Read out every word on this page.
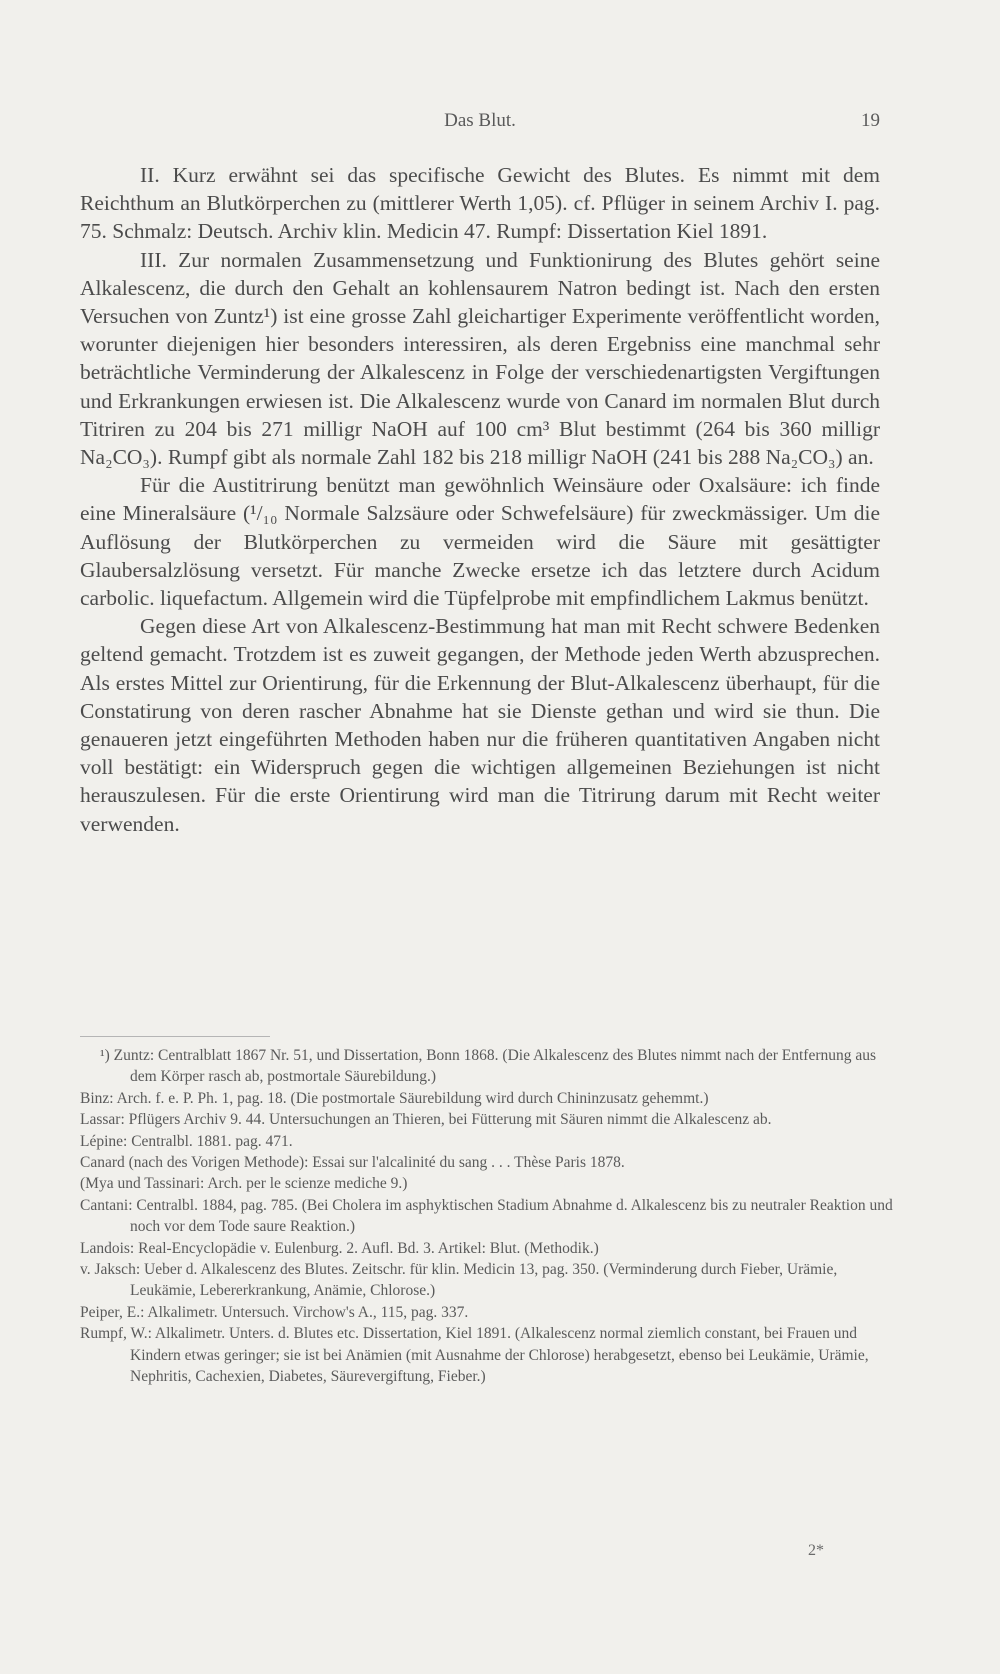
Das Blut.	19

II. Kurz erwähnt sei das specifische Gewicht des Blutes. Es nimmt mit dem Reichthum an Blutkörperchen zu (mittlerer Werth 1,05). cf. Pflüger in seinem Archiv I. pag. 75. Schmalz: Deutsch. Archiv klin. Medicin 47. Rumpf: Dissertation Kiel 1891.

III. Zur normalen Zusammensetzung und Funktionirung des Blutes gehört seine Alkalescenz, die durch den Gehalt an kohlensaurem Natron bedingt ist. Nach den ersten Versuchen von Zuntz¹) ist eine grosse Zahl gleichartiger Experimente veröffentlicht worden, worunter diejenigen hier besonders interessiren, als deren Ergebniss eine manchmal sehr beträchtliche Verminderung der Alkalescenz in Folge der verschiedenartigsten Vergiftungen und Erkrankungen erwiesen ist. Die Alkalescenz wurde von Canard im normalen Blut durch Titriren zu 204 bis 271 milligr NaOH auf 100 cm³ Blut bestimmt (264 bis 360 milligr Na₂CO₃). Rumpf gibt als normale Zahl 182 bis 218 milligr NaOH (241 bis 288 Na₂CO₃) an.

Für die Austitrirung benützt man gewöhnlich Weinsäure oder Oxalsäure: ich finde eine Mineralsäure (¹/₁₀ Normale Salzsäure oder Schwefelsäure) für zweckmässiger. Um die Auflösung der Blutkörperchen zu vermeiden wird die Säure mit gesättigter Glaubersalzlösung versetzt. Für manche Zwecke ersetze ich das letztere durch Acidum carbolic. liquefactum. Allgemein wird die Tüpfelprobe mit empfindlichem Lakmus benützt.

Gegen diese Art von Alkalescenz-Bestimmung hat man mit Recht schwere Bedenken geltend gemacht. Trotzdem ist es zuweit gegangen, der Methode jeden Werth abzusprechen. Als erstes Mittel zur Orientirung, für die Erkennung der Blut-Alkalescenz überhaupt, für die Constatirung von deren rascher Abnahme hat sie Dienste gethan und wird sie thun. Die genaueren jetzt eingeführten Methoden haben nur die früheren quantitativen Angaben nicht voll bestätigt: ein Widerspruch gegen die wichtigen allgemeinen Beziehungen ist nicht herauszulesen. Für die erste Orientirung wird man die Titrirung darum mit Recht weiter verwenden.

¹) Zuntz: Centralblatt 1867 Nr. 51, und Dissertation, Bonn 1868. (Die Alkalescenz des Blutes nimmt nach der Entfernung aus dem Körper rasch ab, postmortale Säurebildung.)

Binz: Arch. f. e. P. Ph. 1, pag. 18. (Die postmortale Säurebildung wird durch Chininzusatz gehemmt.)

Lassar: Pflügers Archiv 9. 44. Untersuchungen an Thieren, bei Fütterung mit Säuren nimmt die Alkalescenz ab.

Lépine: Centralbl. 1881. pag. 471.

Canard (nach des Vorigen Methode): Essai sur l'alcalinité du sang . . . Thèse Paris 1878.

(Mya und Tassinari: Arch. per le scienze mediche 9.)

Cantani: Centralbl. 1884, pag. 785. (Bei Cholera im asphyktischen Stadium Abnahme d. Alkalescenz bis zu neutraler Reaktion und noch vor dem Tode saure Reaktion.)

Landois: Real-Encyclopädie v. Eulenburg. 2. Aufl. Bd. 3. Artikel: Blut. (Methodik.)

v. Jaksch: Ueber d. Alkalescenz des Blutes. Zeitschr. für klin. Medicin 13, pag. 350. (Verminderung durch Fieber, Urämie, Leukämie, Lebererkrankung, Anämie, Chlorose.)

Peiper, E.: Alkalimetr. Untersuch. Virchow's A., 115, pag. 337.

Rumpf, W.: Alkalimetr. Unters. d. Blutes etc. Dissertation, Kiel 1891. (Alkalescenz normal ziemlich constant, bei Frauen und Kindern etwas geringer; sie ist bei Anämien (mit Ausnahme der Chlorose) herabgesetzt, ebenso bei Leukämie, Urämie, Nephritis, Cachexien, Diabetes, Säurevergiftung, Fieber.)

2*
